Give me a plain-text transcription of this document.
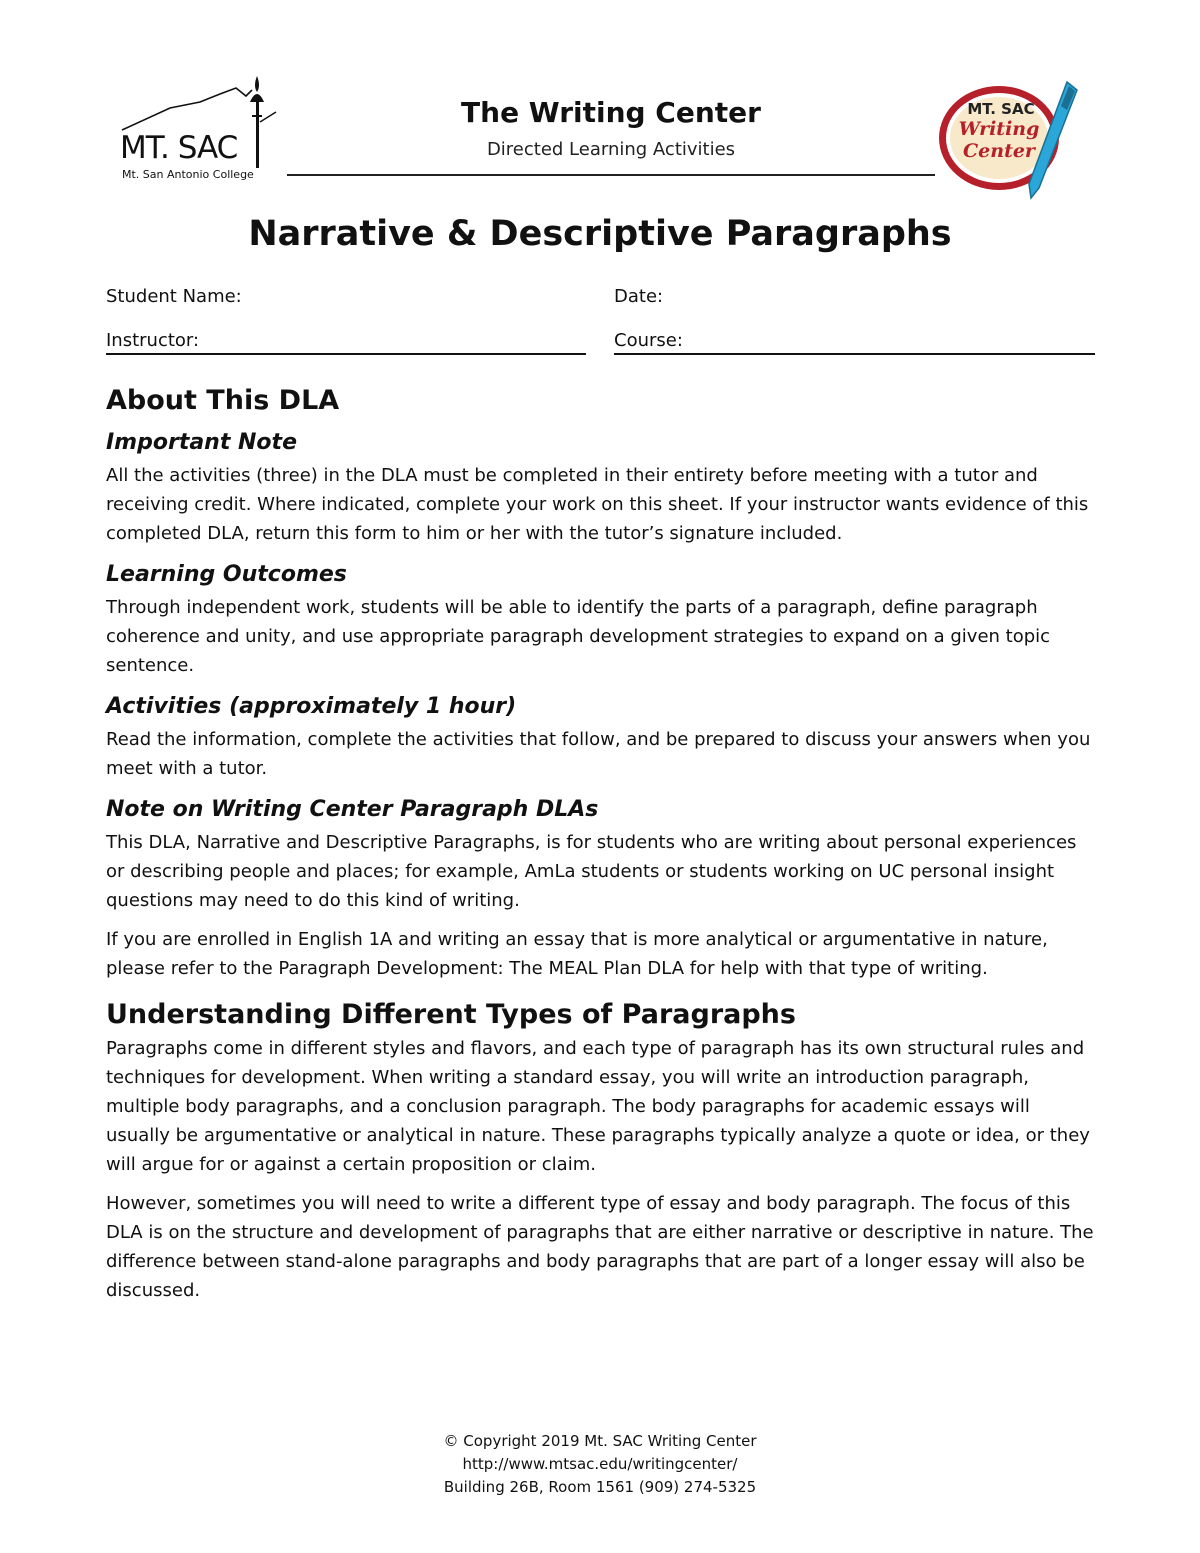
MT. SAC
Mt. San Antonio College
The Writing Center
Directed Learning Activities
MT. SAC
Writing
Center
Narrative & Descriptive Paragraphs
Student Name:	Date:
Instructor:	Course:
About This DLA
Important Note

All the activities (three) in the DLA must be completed in their entirety before meeting with a tutor and receiving credit. Where indicated, complete your work on this sheet. If your instructor wants evidence of this completed DLA, return this form to him or her with the tutor’s signature included.

Learning Outcomes

Through independent work, students will be able to identify the parts of a paragraph, define paragraph coherence and unity, and use appropriate paragraph development strategies to expand on a given topic sentence.

Activities (approximately 1 hour)

Read the information, complete the activities that follow, and be prepared to discuss your answers when you meet with a tutor.

Note on Writing Center Paragraph DLAs

This DLA, Narrative and Descriptive Paragraphs, is for students who are writing about personal experiences or describing people and places; for example, AmLa students or students working on UC personal insight questions may need to do this kind of writing.

If you are enrolled in English 1A and writing an essay that is more analytical or argumentative in nature, please refer to the Paragraph Development: The MEAL Plan DLA for help with that type of writing.

Understanding Different Types of Paragraphs

Paragraphs come in different styles and flavors, and each type of paragraph has its own structural rules and techniques for development. When writing a standard essay, you will write an introduction paragraph, multiple body paragraphs, and a conclusion paragraph. The body paragraphs for academic essays will usually be argumentative or analytical in nature. These paragraphs typically analyze a quote or idea, or they will argue for or against a certain proposition or claim.

However, sometimes you will need to write a different type of essay and body paragraph. The focus of this DLA is on the structure and development of paragraphs that are either narrative or descriptive in nature. The difference between stand-alone paragraphs and body paragraphs that are part of a longer essay will also be discussed.

© Copyright 2019 Mt. SAC Writing Center
http://www.mtsac.edu/writingcenter/
Building 26B, Room 1561 (909) 274-5325
